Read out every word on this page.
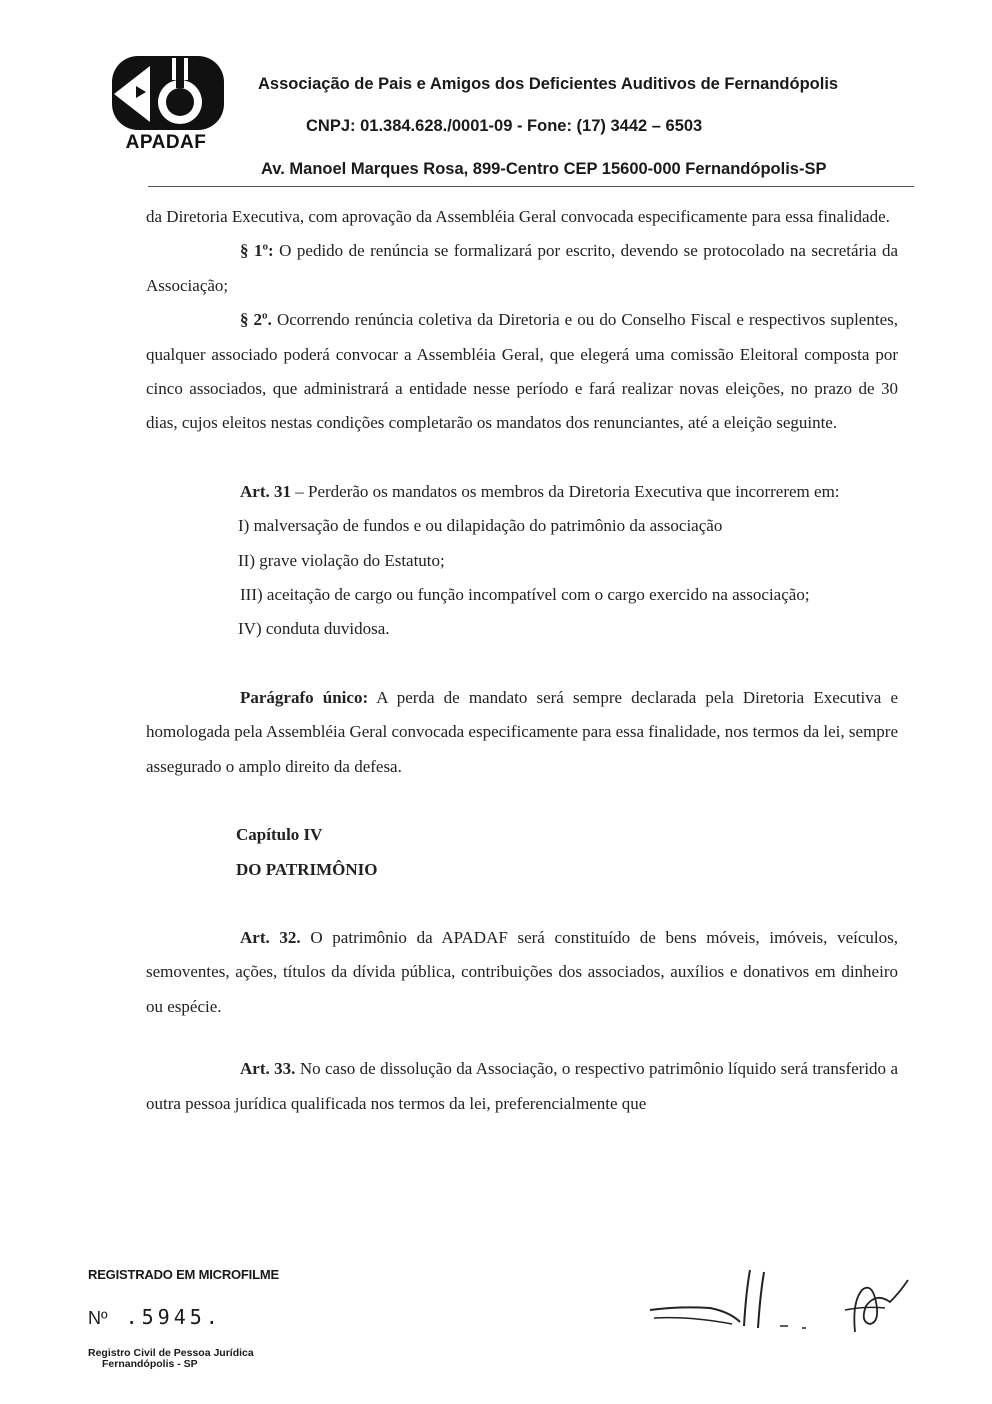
APADAF
Associação de Pais e Amigos dos Deficientes Auditivos de Fernandópolis
CNPJ: 01.384.628./0001-09 - Fone: (17) 3442 – 6503
Av. Manoel Marques Rosa, 899-Centro CEP 15600-000 Fernandópolis-SP

da Diretoria Executiva, com aprovação da Assembléia Geral convocada especificamente para essa finalidade.

§ 1º: O pedido de renúncia se formalizará por escrito, devendo se protocolado na secretária da Associação;

§ 2º. Ocorrendo renúncia coletiva da Diretoria e ou do Conselho Fiscal e respectivos suplentes, qualquer associado poderá convocar a Assembléia Geral, que elegerá uma comissão Eleitoral composta por cinco associados, que administrará a entidade nesse período e fará realizar novas eleições, no prazo de 30 dias, cujos eleitos nestas condições completarão os mandatos dos renunciantes, até a eleição seguinte.

Art. 31 – Perderão os mandatos os membros da Diretoria Executiva que incorrerem em:

I) malversação de fundos e ou dilapidação do patrimônio da associação

II) grave violação do Estatuto;

III) aceitação de cargo ou função incompatível com o cargo exercido na associação;

IV) conduta duvidosa.

Parágrafo único: A perda de mandato será sempre declarada pela Diretoria Executiva e homologada pela Assembléia Geral convocada especificamente para essa finalidade, nos termos da lei, sempre assegurado o amplo direito da defesa.

Capítulo IV

DO PATRIMÔNIO

Art. 32. O patrimônio da APADAF será constituído de bens móveis, imóveis, veículos, semoventes, ações, títulos da dívida pública, contribuições dos associados, auxílios e donativos em dinheiro ou espécie.

Art. 33. No caso de dissolução da Associação, o respectivo patrimônio líquido será transferido a outra pessoa jurídica qualificada nos termos da lei, preferencialmente que

REGISTRADO EM MICROFILME
Nº .5945.
Registro Civil de Pessoa Jurídica
Fernandópolis - SP
